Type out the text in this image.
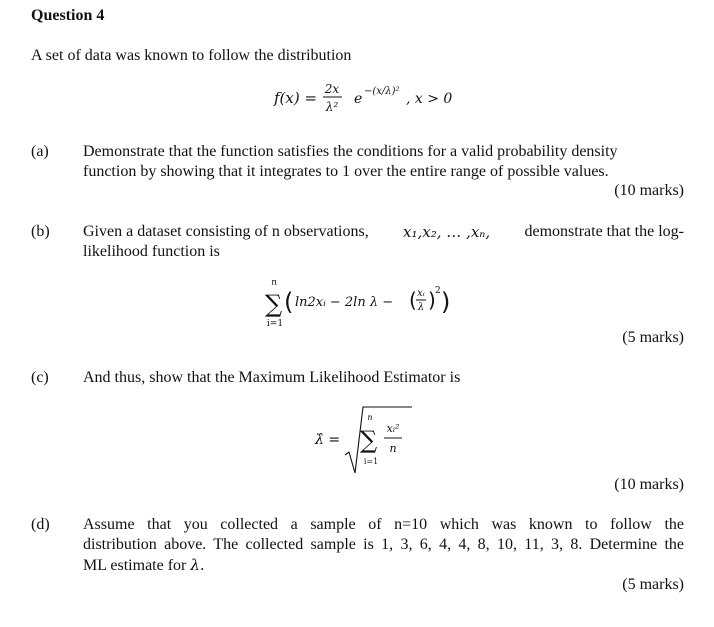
Question 4
A set of data was known to follow the distribution
f(x) = 2x
λ² e −(x/λ)² , x > 0
(a) Demonstrate that the function satisfies the conditions for a valid probability density
function by showing that it integrates to 1 over the entire range of possible values.
(10 marks)
(b) Given a dataset consisting of n observations, x₁,x₂, … ,xₙ, demonstrate that the log-
likelihood function is
n
∑
i=1
( ln2xᵢ − 2ln λ − ( xᵢ
λ ) 2 )
(5 marks)
(c) And thus, show that the Maximum Likelihood Estimator is
λ̂ =
n
∑
i=1
xᵢ²
n
(10 marks)
(d) Assume that you collected a sample of n=10 which was known to follow the
distribution above. The collected sample is 1, 3, 6, 4, 4, 8, 10, 11, 3, 8. Determine the
ML estimate for λ.
(5 marks)
